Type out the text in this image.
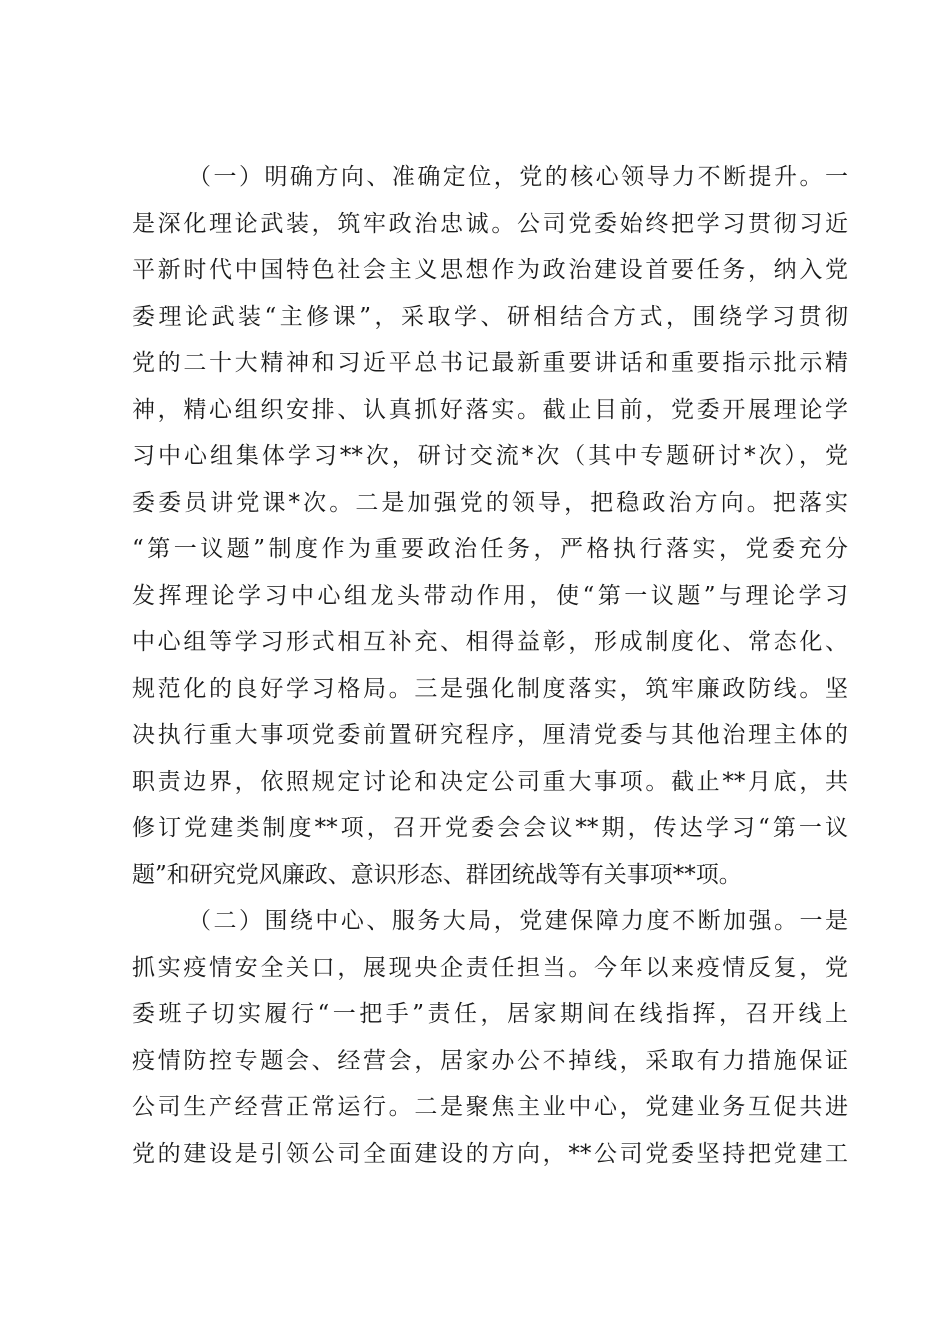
（一）明确方向、准确定位，党的核心领导力不断提升。一
是深化理论武装，筑牢政治忠诚。公司党委始终把学习贯彻习近
平新时代中国特色社会主义思想作为政治建设首要任务，纳入党
委理论武装“主修课”，采取学、研相结合方式，围绕学习贯彻
党的二十大精神和习近平总书记最新重要讲话和重要指示批示精
神，精心组织安排、认真抓好落实。截止目前，党委开展理论学
习中心组集体学习**次，研讨交流*次（其中专题研讨*次），党
委委员讲党课*次。二是加强党的领导，把稳政治方向。把落实
“第一议题”制度作为重要政治任务，严格执行落实，党委充分
发挥理论学习中心组龙头带动作用，使“第一议题”与理论学习
中心组等学习形式相互补充、相得益彰，形成制度化、常态化、
规范化的良好学习格局。三是强化制度落实，筑牢廉政防线。坚
决执行重大事项党委前置研究程序，厘清党委与其他治理主体的
职责边界，依照规定讨论和决定公司重大事项。截止**月底，共
修订党建类制度**项，召开党委会会议**期，传达学习“第一议
题”和研究党风廉政、意识形态、群团统战等有关事项**项。
（二）围绕中心、服务大局，党建保障力度不断加强。一是
抓实疫情安全关口，展现央企责任担当。今年以来疫情反复，党
委班子切实履行“一把手”责任，居家期间在线指挥，召开线上
疫情防控专题会、经营会，居家办公不掉线，采取有力措施保证
公司生产经营正常运行。二是聚焦主业中心，党建业务互促共进
党的建设是引领公司全面建设的方向，**公司党委坚持把党建工
